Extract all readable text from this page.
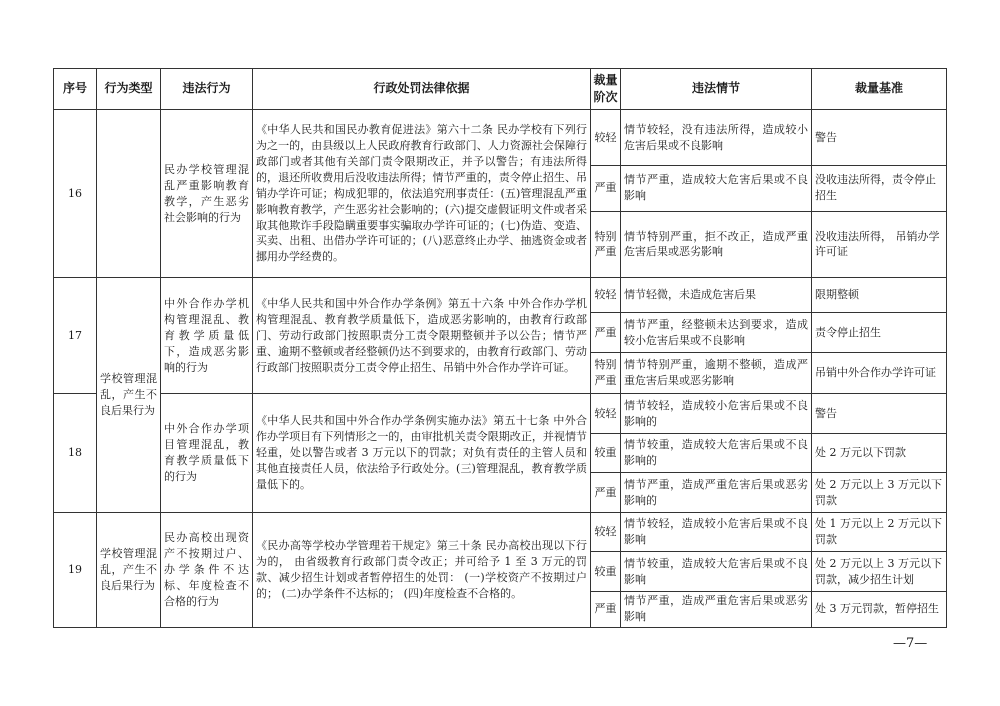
序号	行为类型	违法行为	行政处罚法律依据	裁量阶次	违法情节	裁量基准
16		民办学校管理混乱严重影响教育教学，产生恶劣社会影响的行为	《中华人民共和国民办教育促进法》第六十二条 民办学校有下列行为之一的，由县级以上人民政府教育行政部门、人力资源社会保障行政部门或者其他有关部门责令限期改正，并予以警告；有违法所得的，退还所收费用后没收违法所得；情节严重的，责令停止招生、吊销办学许可证；构成犯罪的，依法追究刑事责任：(五)管理混乱严重影响教育教学，产生恶劣社会影响的；(六)提交虚假证明文件或者采取其他欺诈手段隐瞒重要事实骗取办学许可证的；(七)伪造、变造、买卖、出租、出借办学许可证的；(八)恶意终止办学、抽逃资金或者挪用办学经费的。	较轻	情节较轻，没有违法所得，造成较小危害后果或不良影响	警告
				严重	情节严重，造成较大危害后果或不良影响	没收违法所得，责令停止招生
				特别严重	情节特别严重，拒不改正，造成严重危害后果或恶劣影响	没收违法所得， 吊销办学许可证
17	学校管理混乱，产生不良后果行为	中外合作办学机构管理混乱、教育教学质量低下，造成恶劣影响的行为	《中华人民共和国中外合作办学条例》第五十六条 中外合作办学机构管理混乱、教育教学质量低下，造成恶劣影响的，由教育行政部门、劳动行政部门按照职责分工责令限期整顿并予以公告；情节严重、逾期不整顿或者经整顿仍达不到要求的，由教育行政部门、劳动行政部门按照职责分工责令停止招生、吊销中外合作办学许可证。	较轻	情节轻微，未造成危害后果	限期整顿
				严重	情节严重，经整顿未达到要求，造成较小危害后果或不良影响	责令停止招生
				特别严重	情节特别严重，逾期不整顿，造成严重危害后果或恶劣影响	吊销中外合作办学许可证
18		中外合作办学项目管理混乱，教育教学质量低下的行为	《中华人民共和国中外合作办学条例实施办法》第五十七条 中外合作办学项目有下列情形之一的，由审批机关责令限期改正，并视情节轻重，处以警告或者 3 万元以下的罚款；对负有责任的主管人员和其他直接责任人员，依法给予行政处分。(三)管理混乱，教育教学质量低下的。	较轻	情节较轻，造成较小危害后果或不良影响的	警告
				较重	情节较重，造成较大危害后果或不良影响的	处 2 万元以下罚款
				严重	情节严重，造成严重危害后果或恶劣影响的	处 2 万元以上 3 万元以下罚款
19	学校管理混乱，产生不良后果行为	民办高校出现资产不按期过户、办学条件不达标、年度检查不合格的行为	《民办高等学校办学管理若干规定》第三十条 民办高校出现以下行为的， 由省级教育行政部门责令改正；并可给予 1 至 3 万元的罚款、减少招生计划或者暂停招生的处罚： (一)学校资产不按期过户的； (二)办学条件不达标的； (四)年度检查不合格的。	较轻	情节较轻，造成较小危害后果或不良影响	处 1 万元以上 2 万元以下罚款
				较重	情节较重，造成较大危害后果或不良影响	处 2 万元以上 3 万元以下罚款，减少招生计划
				严重	情节严重，造成严重危害后果或恶劣影响	处 3 万元罚款，暂停招生
—7—
